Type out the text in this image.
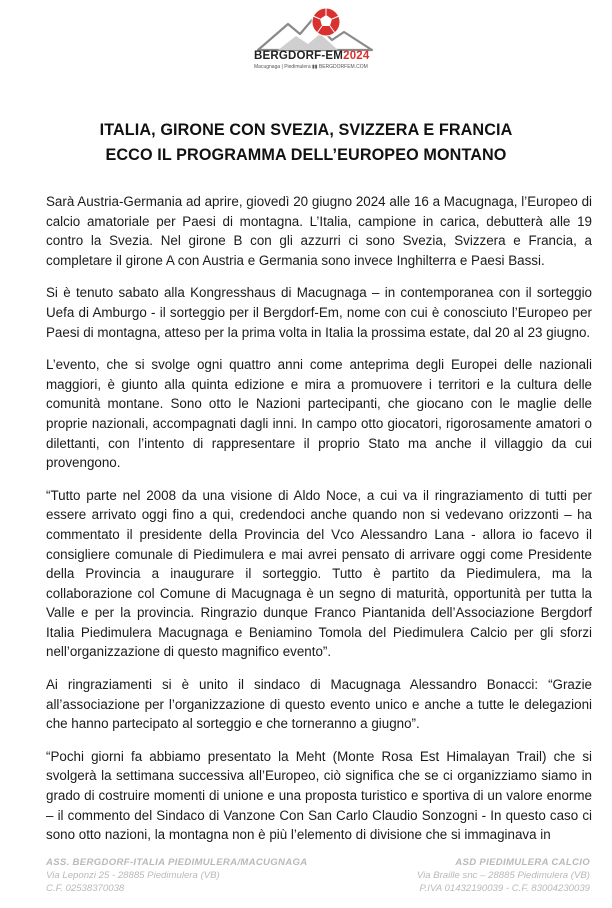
BERGDORF-EM2024
Macugnaga | Piedimulera ▮▮ BERGDORFEM.COM
ITALIA, GIRONE CON SVEZIA, SVIZZERA E FRANCIA
ECCO IL PROGRAMMA DELL’EUROPEO MONTANO

Sarà Austria-Germania ad aprire, giovedì 20 giugno 2024 alle 16 a Macugnaga, l’Europeo di calcio amatoriale per Paesi di montagna. L’Italia, campione in carica, debutterà alle 19 contro la Svezia. Nel girone B con gli azzurri ci sono Svezia, Svizzera e Francia, a completare il girone A con Austria e Germania sono invece Inghilterra e Paesi Bassi.

Si è tenuto sabato alla Kongresshaus di Macugnaga – in contemporanea con il sorteggio Uefa di Amburgo - il sorteggio per il Bergdorf-Em, nome con cui è conosciuto l’Europeo per Paesi di montagna, atteso per la prima volta in Italia la prossima estate, dal 20 al 23 giugno.

L’evento, che si svolge ogni quattro anni come anteprima degli Europei delle nazionali maggiori, è giunto alla quinta edizione e mira a promuovere i territori e la cultura delle comunità montane. Sono otto le Nazioni partecipanti, che giocano con le maglie delle proprie nazionali, accompagnati dagli inni. In campo otto giocatori, rigorosamente amatori o dilettanti, con l’intento di rappresentare il proprio Stato ma anche il villaggio da cui provengono.

“Tutto parte nel 2008 da una visione di Aldo Noce, a cui va il ringraziamento di tutti per essere arrivato oggi fino a qui, credendoci anche quando non si vedevano orizzonti – ha commentato il presidente della Provincia del Vco Alessandro Lana - allora io facevo il consigliere comunale di Piedimulera e mai avrei pensato di arrivare oggi come Presidente della Provincia a inaugurare il sorteggio. Tutto è partito da Piedimulera, ma la collaborazione col Comune di Macugnaga è un segno di maturità, opportunità per tutta la Valle e per la provincia. Ringrazio dunque Franco Piantanida dell’Associazione Bergdorf Italia Piedimulera Macugnaga e Beniamino Tomola del Piedimulera Calcio per gli sforzi nell’organizzazione di questo magnifico evento”.

Ai ringraziamenti si è unito il sindaco di Macugnaga Alessandro Bonacci: “Grazie all’associazione per l’organizzazione di questo evento unico e anche a tutte le delegazioni che hanno partecipato al sorteggio e che torneranno a giugno”.

“Pochi giorni fa abbiamo presentato la Meht (Monte Rosa Est Himalayan Trail) che si svolgerà la settimana successiva all’Europeo, ciò significa che se ci organizziamo siamo in grado di costruire momenti di unione e una proposta turistico e sportiva di un valore enorme – il commento del Sindaco di Vanzone Con San Carlo Claudio Sonzogni - In questo caso ci sono otto nazioni, la montagna non è più l’elemento di divisione che si immaginava in

ASS. BERGDORF-ITALIA PIEDIMULERA/MACUGNAGA
Via Leponzi 25 - 28885 Piedimulera (VB)
C.F. 02538370038
ASD PIEDIMULERA CALCIO
Via Braille snc – 28885 Piedimulera (VB)
P.IVA 01432190039 - C.F. 83004230039
